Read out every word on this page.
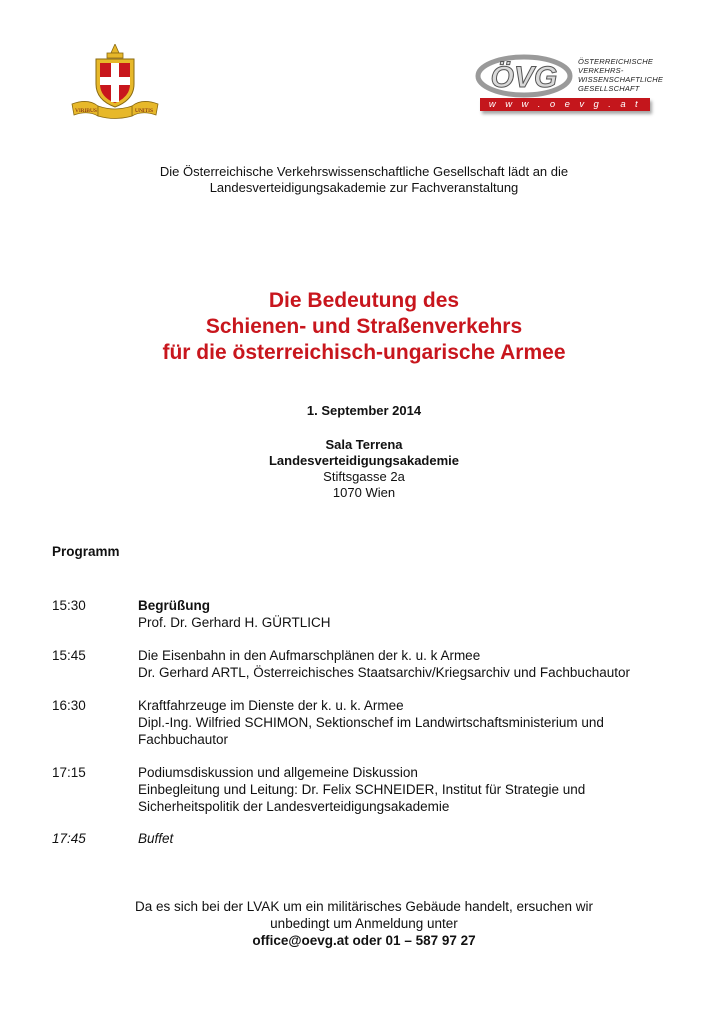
VIRIBUS	UNITIS
ÖVG	ÖSTERREICHISCHE
VERKEHRS-
WISSENSCHAFTLICHE
GESELLSCHAFT
w w w . o e v g . a t
Die Österreichische Verkehrswissenschaftliche Gesellschaft lädt an die
Landesverteidigungsakademie zur Fachveranstaltung
Die Bedeutung des
Schienen- und Straßenverkehrs
für die österreichisch-ungarische Armee
1. September 2014
Sala Terrena
Landesverteidigungsakademie
Stiftsgasse 2a
1070 Wien
Programm
15:30	Begrüßung
Prof. Dr. Gerhard H. GÜRTLICH
15:45	Die Eisenbahn in den Aufmarschplänen der k. u. k Armee
Dr. Gerhard ARTL, Österreichisches Staatsarchiv/Kriegsarchiv und Fachbuchautor
16:30	Kraftfahrzeuge im Dienste der k. u. k. Armee
Dipl.-Ing. Wilfried SCHIMON, Sektionschef im Landwirtschaftsministerium und
Fachbuchautor
17:15	Podiumsdiskussion und allgemeine Diskussion
Einbegleitung und Leitung: Dr. Felix SCHNEIDER, Institut für Strategie und
Sicherheitspolitik der Landesverteidigungsakademie
17:45	Buffet
Da es sich bei der LVAK um ein militärisches Gebäude handelt, ersuchen wir
unbedingt um Anmeldung unter
office@oevg.at oder 01 – 587 97 27
